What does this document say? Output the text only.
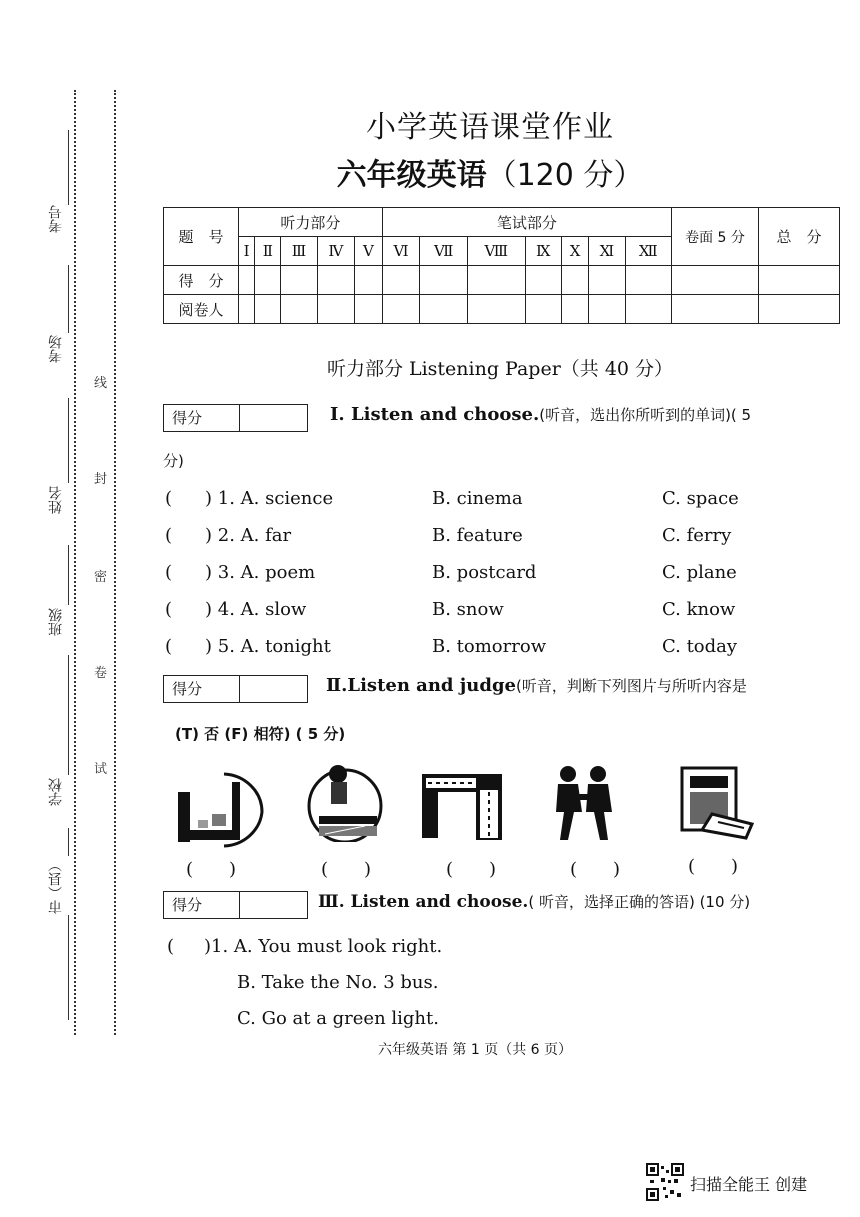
考号
考场
姓名
班级
学校
市（县）
线
封
密
卷
试
小学英语课堂作业
六年级英语（120 分）
题　号	听力部分					笔试部分							卷面 5 分	总　分
	Ⅰ	Ⅱ	Ⅲ	Ⅳ	Ⅴ	Ⅵ	Ⅶ	Ⅷ	Ⅸ	Ⅹ	Ⅺ	Ⅻ		
得　分														
阅卷人														
听力部分 Listening Paper（共 40 分）
得分	Ⅰ. Listen and choose.(听音，选出你所听到的单词)( 5
分)
( ) 1. A. science	B. cinema	C. space
( ) 2. A. far	B. feature	C. ferry
( ) 3. A. poem	B. postcard	C. plane
( ) 4. A. slow	B. snow	C. know
( ) 5. A. tonight	B. tomorrow	C. today
得分	Ⅱ.Listen and judge(听音，判断下列图片与所听内容是
(T) 否 (F) 相符) ( 5 分)
(　　)	(　　)	(　　)	(　　)	(　　)
得分	Ⅲ. Listen and choose.( 听音，选择正确的答语) (10 分)
( )1. A. You must look right.
B. Take the No. 3 bus.
C. Go at a green light.
六年级英语 第 1 页（共 6 页）
扫描全能王 创建
